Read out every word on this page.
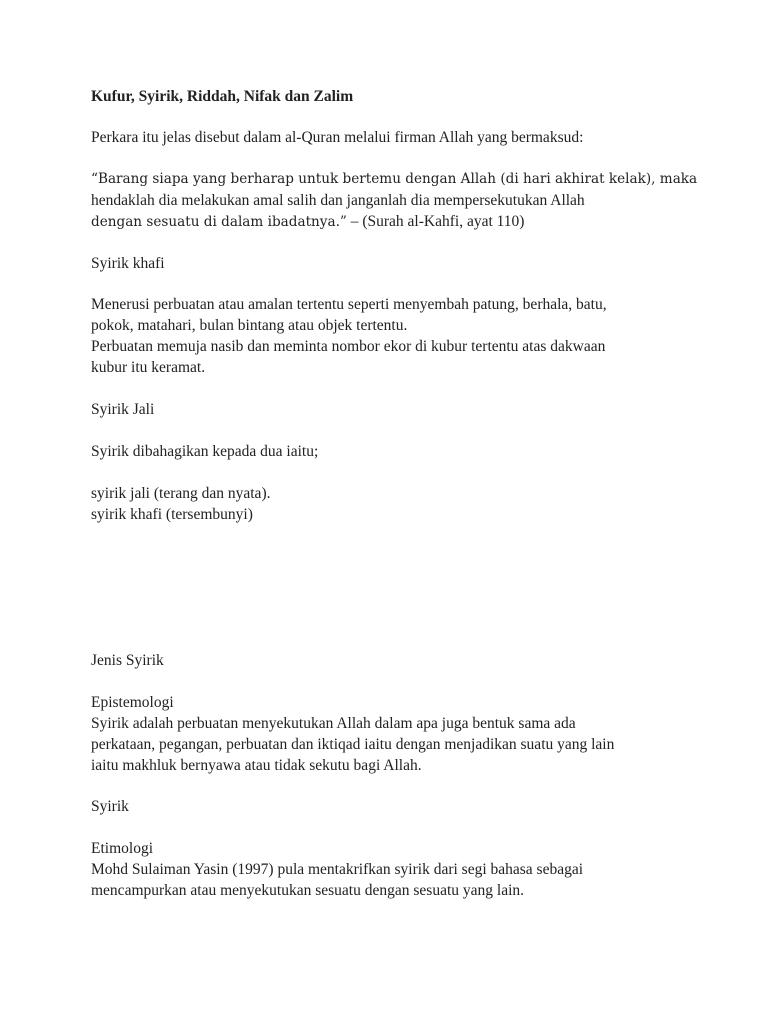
Kufur, Syirik, Riddah, Nifak dan Zalim
Perkara itu jelas disebut dalam al-Quran melalui firman Allah yang bermaksud:
“Barang siapa yang berharap untuk bertemu dengan Allah (di hari akhirat kelak), maka
hendaklah dia melakukan amal salih dan janganlah dia mempersekutukan Allah
dengan sesuatu di dalam ibadatnya.” – (Surah al-Kahfi, ayat 110)
Syirik khafi
Menerusi perbuatan atau amalan tertentu seperti menyembah patung, berhala, batu,
pokok, matahari, bulan bintang atau objek tertentu.
Perbuatan memuja nasib dan meminta nombor ekor di kubur tertentu atas dakwaan
kubur itu keramat.
Syirik Jali
Syirik dibahagikan kepada dua iaitu;
syirik jali (terang dan nyata).
syirik khafi (tersembunyi)
Jenis Syirik
Epistemologi
Syirik adalah perbuatan menyekutukan Allah dalam apa juga bentuk sama ada
perkataan, pegangan, perbuatan dan iktiqad iaitu dengan menjadikan suatu yang lain
iaitu makhluk bernyawa atau tidak sekutu bagi Allah.
Syirik
Etimologi
Mohd Sulaiman Yasin (1997) pula mentakrifkan syirik dari segi bahasa sebagai
mencampurkan atau menyekutukan sesuatu dengan sesuatu yang lain.
